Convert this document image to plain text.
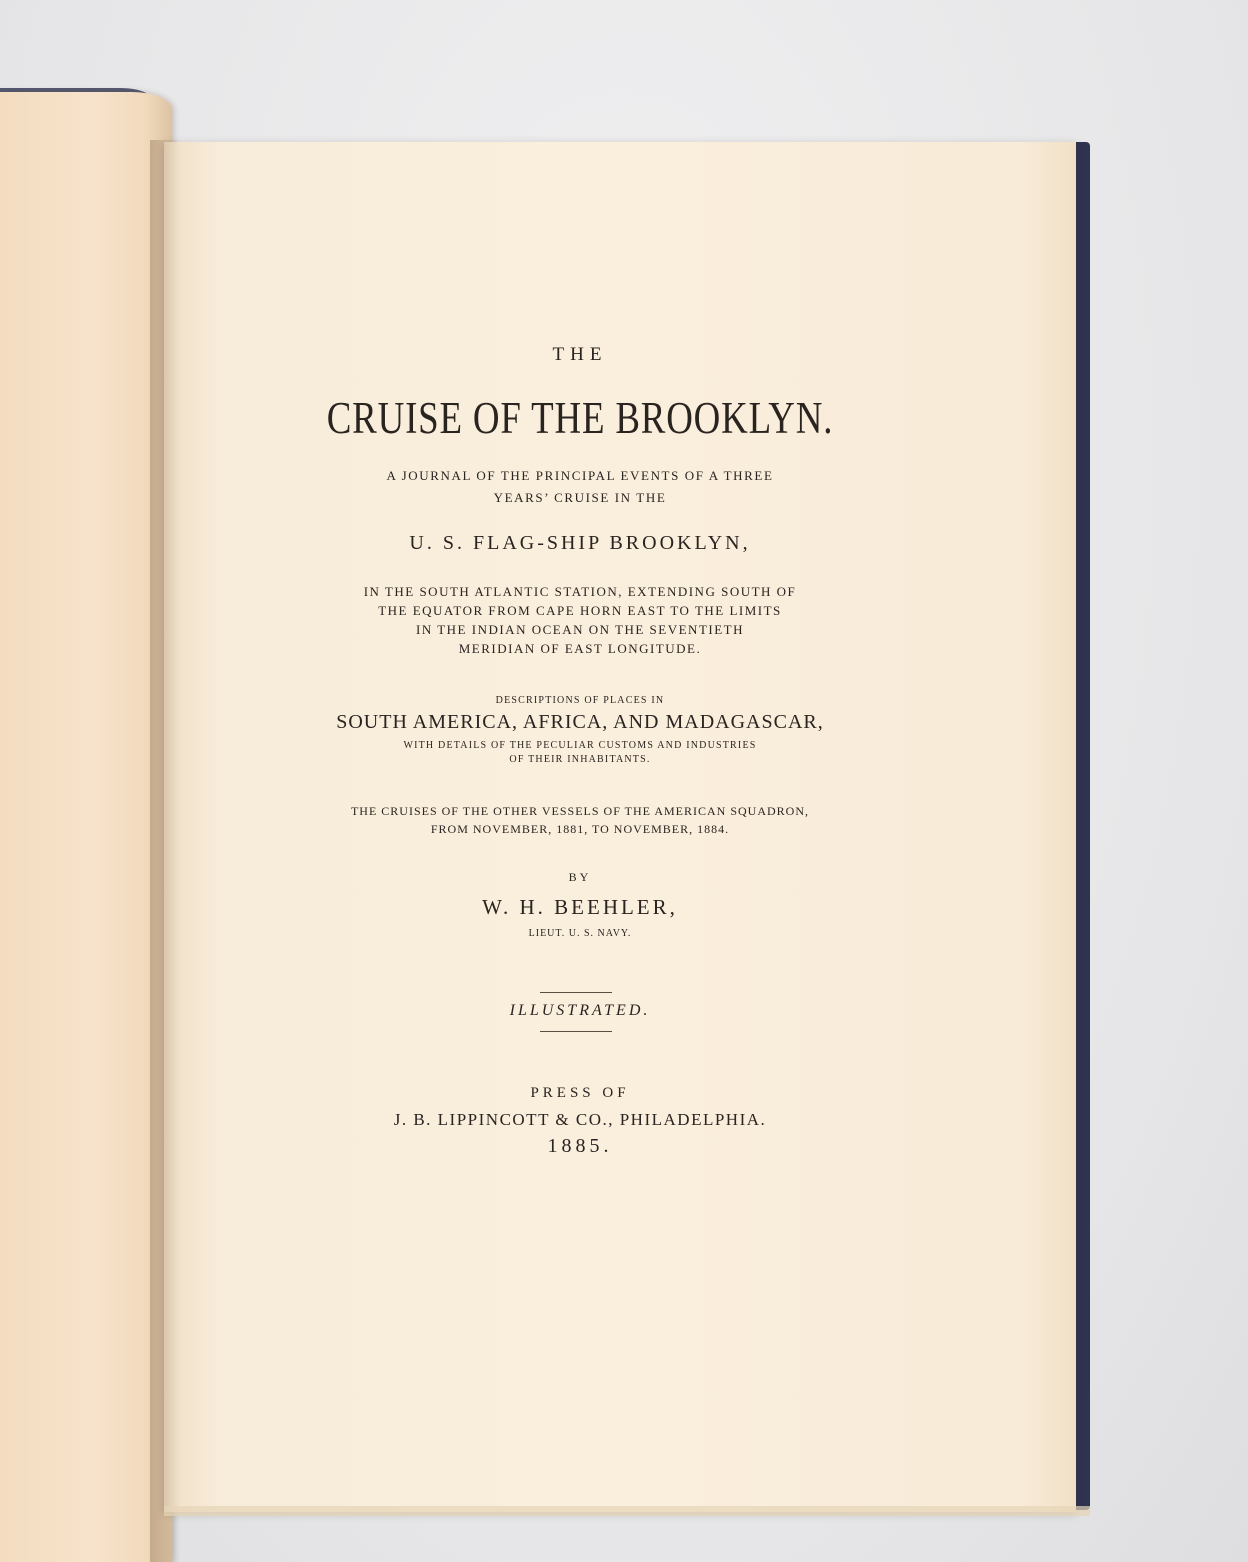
THE
CRUISE OF THE BROOKLYN.
A JOURNAL OF THE PRINCIPAL EVENTS OF A THREE
YEARS’ CRUISE IN THE
U. S. FLAG-SHIP BROOKLYN,
IN THE SOUTH ATLANTIC STATION, EXTENDING SOUTH OF
THE EQUATOR FROM CAPE HORN EAST TO THE LIMITS
IN THE INDIAN OCEAN ON THE SEVENTIETH
MERIDIAN OF EAST LONGITUDE.
DESCRIPTIONS OF PLACES IN
SOUTH AMERICA, AFRICA, AND MADAGASCAR,
WITH DETAILS OF THE PECULIAR CUSTOMS AND INDUSTRIES
OF THEIR INHABITANTS.
THE CRUISES OF THE OTHER VESSELS OF THE AMERICAN SQUADRON,
FROM NOVEMBER, 1881, TO NOVEMBER, 1884.
BY
W. H. BEEHLER,
LIEUT. U. S. NAVY.
ILLUSTRATED.
PRESS OF
J. B. LIPPINCOTT & CO., PHILADELPHIA.
1885.
